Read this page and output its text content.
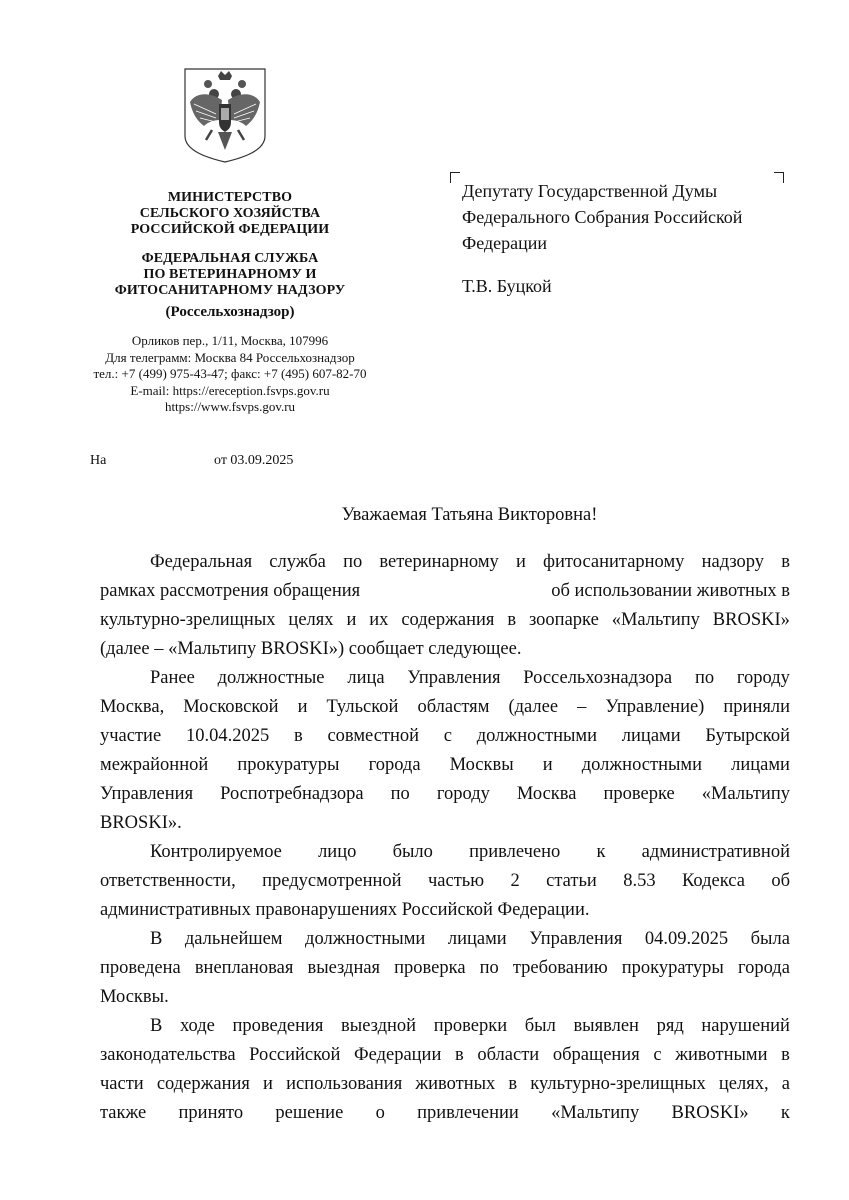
МИНИСТЕРСТВО
СЕЛЬСКОГО ХОЗЯЙСТВА
РОССИЙСКОЙ ФЕДЕРАЦИИ
ФЕДЕРАЛЬНАЯ СЛУЖБА
ПО ВЕТЕРИНАРНОМУ И
ФИТОСАНИТАРНОМУ НАДЗОРУ
(Россельхознадзор)
Орликов пер., 1/11, Москва, 107996
Для телеграмм: Москва 84 Россельхознадзор
тел.: +7 (499) 975-43-47; факс: +7 (495) 607-82-70
E-mail: https://ereception.fsvps.gov.ru
https://www.fsvps.gov.ru
На	от 03.09.2025
Депутату Государственной Думы
Федерального Собрания Российской
Федерации
Т.В. Буцкой
Уважаемая Татьяна Викторовна!
Федеральная служба по ветеринарному и фитосанитарному надзору в
рамках рассмотрения обращения	об использовании животных в
культурно-зрелищных целях и их содержания в зоопарке «Мальтипу BROSKI»
(далее – «Мальтипу BROSKI») сообщает следующее.
Ранее должностные лица Управления Россельхознадзора по городу
Москва, Московской и Тульской областям (далее – Управление) приняли
участие 10.04.2025 в совместной с должностными лицами Бутырской
межрайонной прокуратуры города Москвы и должностными лицами
Управления Роспотребнадзора по городу Москва проверке «Мальтипу
BROSKI».
Контролируемое лицо было привлечено к административной
ответственности, предусмотренной частью 2 статьи 8.53 Кодекса об
административных правонарушениях Российской Федерации.
В дальнейшем должностными лицами Управления 04.09.2025 была
проведена внеплановая выездная проверка по требованию прокуратуры города
Москвы.
В ходе проведения выездной проверки был выявлен ряд нарушений
законодательства Российской Федерации в области обращения с животными в
части содержания и использования животных в культурно-зрелищных целях, а
также принято решение о привлечении «Мальтипу BROSKI» к
